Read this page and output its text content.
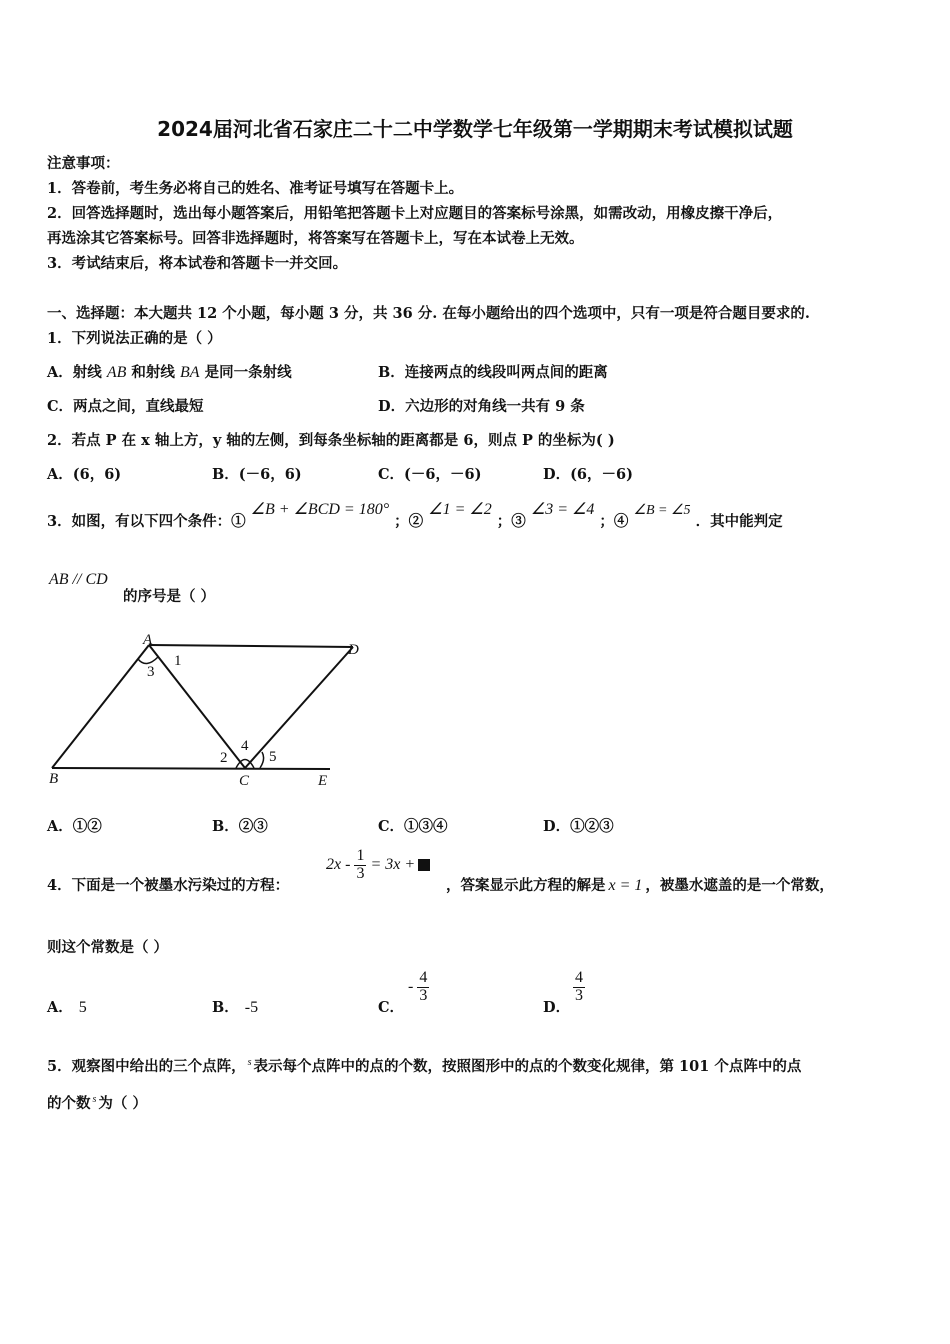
2024届河北省石家庄二十二中学数学七年级第一学期期末考试模拟试题
注意事项：
1．答卷前，考生务必将自己的姓名、准考证号填写在答题卡上。
2．回答选择题时，选出每小题答案后，用铅笔把答题卡上对应题目的答案标号涂黑，如需改动，用橡皮擦干净后，
再选涂其它答案标号。回答非选择题时，将答案写在答题卡上，写在本试卷上无效。
3．考试结束后，将本试卷和答题卡一并交回。
一、选择题：本大题共 12 个小题，每小题 3 分，共 36 分. 在每小题给出的四个选项中，只有一项是符合题目要求的.
1．下列说法正确的是（ ）
A．射线 AB 和射线 BA 是同一条射线	B．连接两点的线段叫两点间的距离
C．两点之间，直线最短	D．六边形的对角线一共有 9 条
2．若点 P 在 x 轴上方，y 轴的左侧，到每条坐标轴的距离都是 6，则点 P 的坐标为( )
A．(6，6)	B．(－6，6)	C．(－6，－6)	D．(6，－6)
3．如图，有以下四个条件：① ∠B + ∠BCD = 180° ；② ∠1 = ∠2 ；③ ∠3 = ∠4 ；④ ∠B = ∠5 ．其中能判定
AB // CD
的序号是（ ）
A
D
B	C	E
1
3
2
4
5
A．①②	B．②③	C．①③④	D．①②③
4．下面是一个被墨水污染过的方程：
$2x - \frac{1}{3} = 3x$ +
，答案显示此方程的解是 x = 1 ，被墨水遮盖的是一个常数，
则这个常数是（ ）
A． 5	B． -5	C．
- $\frac{4}{3}$
D．
$\frac{4}{3}$
5．观察图中给出的三个点阵， $^s$ 表示每个点阵中的点的个数，按照图形中的点的个数变化规律，第 101 个点阵中的点
的个数 $^s$ 为（ ）
